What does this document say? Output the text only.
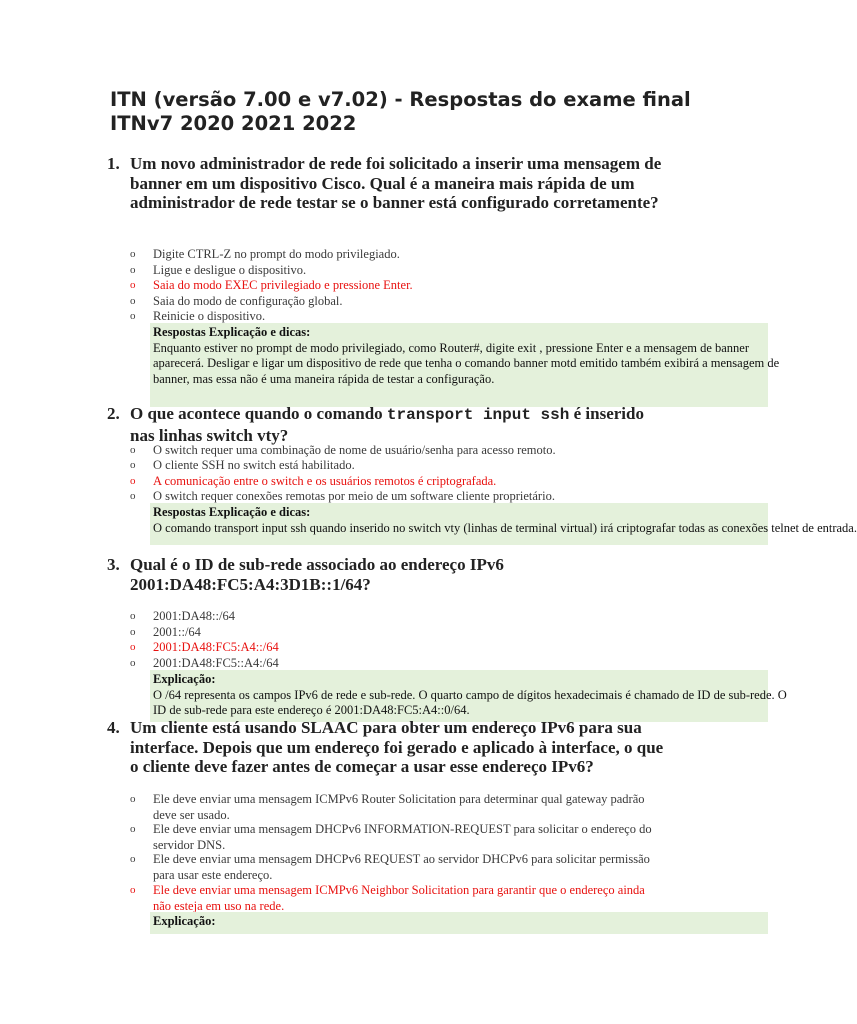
ITN (versão 7.00 e v7.02) - Respostas do exame final
ITNv7 2020 2021 2022
1. Um novo administrador de rede foi solicitado a inserir uma mensagem de banner em um dispositivo Cisco. Qual é a maneira mais rápida de um administrador de rede testar se o banner está configurado corretamente?
o Digite CTRL-Z no prompt do modo privilegiado.
o Ligue e desligue o dispositivo.
o Saia do modo EXEC privilegiado e pressione Enter.
o Saia do modo de configuração global.
o Reinicie o dispositivo.
Respostas Explicação e dicas:
Enquanto estiver no prompt de modo privilegiado, como Router#, digite exit , pressione Enter e a mensagem de banner aparecerá. Desligar e ligar um dispositivo de rede que tenha o comando banner motd emitido também exibirá a mensagem de banner, mas essa não é uma maneira rápida de testar a configuração.
2. O que acontece quando o comando transport input ssh é inserido nas linhas switch vty?
o O switch requer uma combinação de nome de usuário/senha para acesso remoto.
o O cliente SSH no switch está habilitado.
o A comunicação entre o switch e os usuários remotos é criptografada.
o O switch requer conexões remotas por meio de um software cliente proprietário.
Respostas Explicação e dicas:
O comando transport input ssh quando inserido no switch vty (linhas de terminal virtual) irá criptografar todas as conexões telnet de entrada.
3. Qual é o ID de sub-rede associado ao endereço IPv6 2001:DA48:FC5:A4:3D1B::1/64?
o 2001:DA48::/64
o 2001::/64
o 2001:DA48:FC5:A4::/64
o 2001:DA48:FC5::A4:/64
Explicação:
O /64 representa os campos IPv6 de rede e sub-rede. O quarto campo de dígitos hexadecimais é chamado de ID de sub-rede. O ID de sub-rede para este endereço é 2001:DA48:FC5:A4::0/64.
4. Um cliente está usando SLAAC para obter um endereço IPv6 para sua interface. Depois que um endereço foi gerado e aplicado à interface, o que o cliente deve fazer antes de começar a usar esse endereço IPv6?
o Ele deve enviar uma mensagem ICMPv6 Router Solicitation para determinar qual gateway padrão deve ser usado.
o Ele deve enviar uma mensagem DHCPv6 INFORMATION-REQUEST para solicitar o endereço do servidor DNS.
o Ele deve enviar uma mensagem DHCPv6 REQUEST ao servidor DHCPv6 para solicitar permissão para usar este endereço.
o Ele deve enviar uma mensagem ICMPv6 Neighbor Solicitation para garantir que o endereço ainda não esteja em uso na rede.
Explicação:
